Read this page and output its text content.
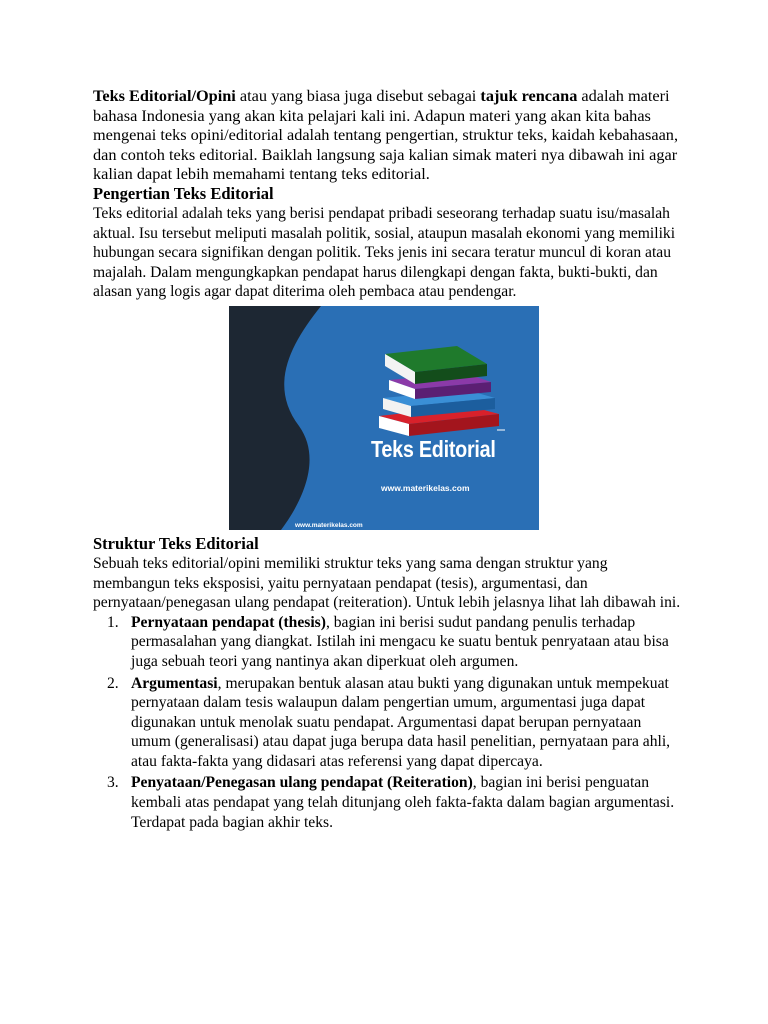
Teks Editorial/Opini atau yang biasa juga disebut sebagai tajuk rencana adalah materi bahasa Indonesia yang akan kita pelajari kali ini. Adapun materi yang akan kita bahas mengenai teks opini/editorial adalah tentang pengertian, struktur teks, kaidah kebahasaan, dan contoh teks editorial. Baiklah langsung saja kalian simak materi nya dibawah ini agar kalian dapat lebih memahami tentang teks editorial.

Pengertian Teks Editorial

Teks editorial adalah teks yang berisi pendapat pribadi seseorang terhadap suatu isu/masalah aktual. Isu tersebut meliputi masalah politik, sosial, ataupun masalah ekonomi yang memiliki hubungan secara signifikan dengan politik. Teks jenis ini secara teratur muncul di koran atau majalah. Dalam mengungkapkan pendapat harus dilengkapi dengan fakta, bukti-bukti, dan alasan yang logis agar dapat diterima oleh pembaca atau pendengar.

Teks Editorial
www.materikelas.com
www.materikelas.com
Struktur Teks Editorial

Sebuah teks editorial/opini memiliki struktur teks yang sama dengan struktur yang membangun teks eksposisi, yaitu pernyataan pendapat (tesis), argumentasi, dan pernyataan/penegasan ulang pendapat (reiteration). Untuk lebih jelasnya lihat lah dibawah ini.

1. Pernyataan pendapat (thesis), bagian ini berisi sudut pandang penulis terhadap permasalahan yang diangkat. Istilah ini mengacu ke suatu bentuk penryataan atau bisa juga sebuah teori yang nantinya akan diperkuat oleh argumen.
2. Argumentasi, merupakan bentuk alasan atau bukti yang digunakan untuk mempekuat pernyataan dalam tesis walaupun dalam pengertian umum, argumentasi juga dapat digunakan untuk menolak suatu pendapat. Argumentasi dapat berupan pernyataan umum (generalisasi) atau dapat juga berupa data hasil penelitian, pernyataan para ahli, atau fakta-fakta yang didasari atas referensi yang dapat dipercaya.
3. Penyataan/Penegasan ulang pendapat (Reiteration), bagian ini berisi penguatan kembali atas pendapat yang telah ditunjang oleh fakta-fakta dalam bagian argumentasi. Terdapat pada bagian akhir teks.
